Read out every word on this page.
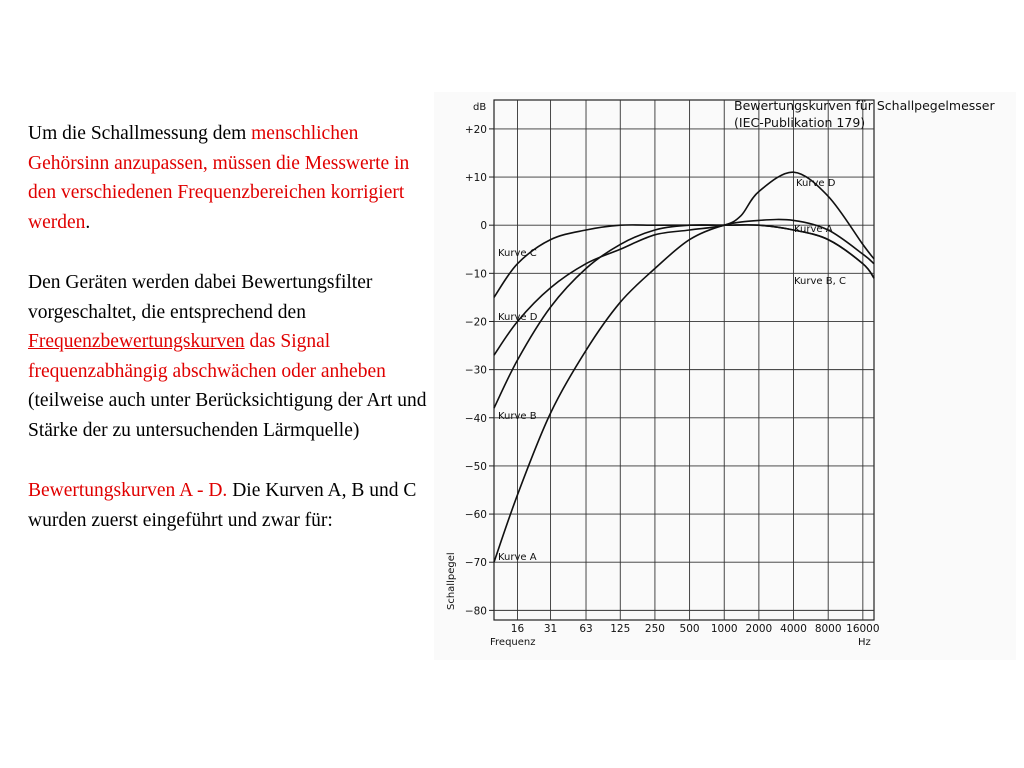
Um die Schallmessung dem menschlichen Gehörsinn anzupassen, müssen die Messwerte in den verschiedenen Frequenzbereichen korrigiert werden.

Den Geräten werden dabei Bewertungsfilter vorgeschaltet, die entsprechend den Frequenzbewertungskurven das Signal frequenzabhängig abschwächen oder anheben (teilweise auch unter Berücksichtigung der Art und Stärke der zu untersuchenden Lärmquelle)

Bewertungskurven A - D. Die Kurven A, B und C wurden zuerst eingeführt und zwar für:

16 31 63 125 250 500 1000 2000 4000 8000 16000
+20
+10
0
−10
−20
−30
−40
−50
−60
−70
−80
Kurve D
Kurve A
Kurve B, C
Kurve C
Kurve D
Kurve B
Kurve A
Bewertungskurven für Schallpegelmesser
(IEC-Publikation 179)
dB
Frequenz	Hz
Schallpegel
